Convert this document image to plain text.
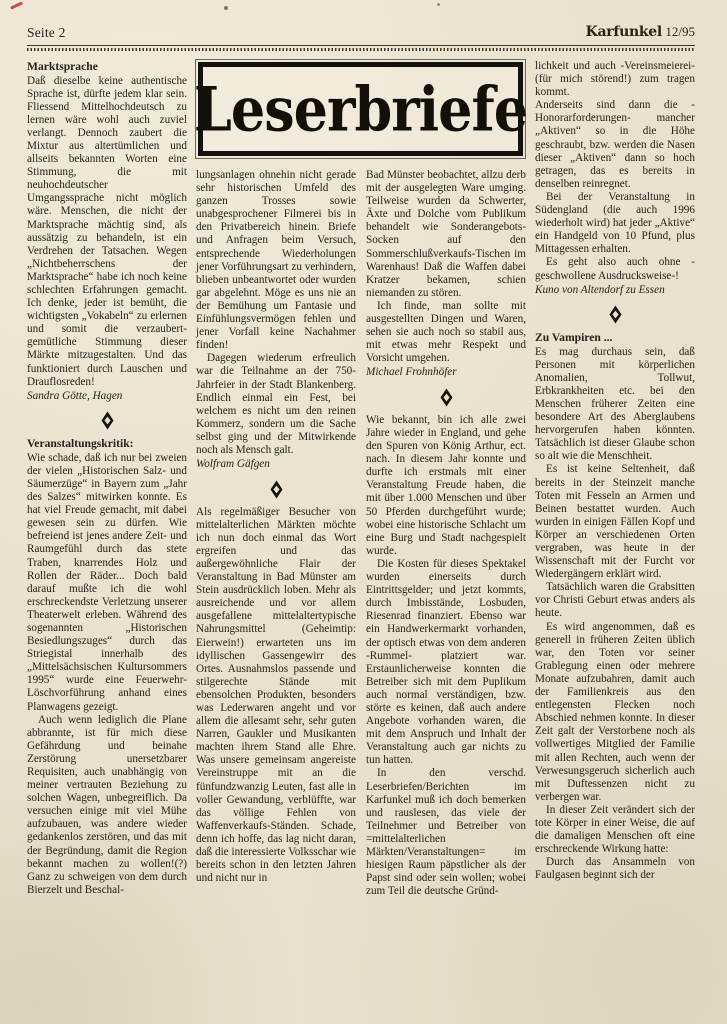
Seite 2	Karfunkel 12/95
Marktsprache

Daß dieselbe keine authentische Sprache ist, dürfte jedem klar sein. Fliessend Mittelhochdeutsch zu lernen wäre wohl auch zuviel verlangt. Dennoch zaubert die Mixtur aus altertümlichen und allseits bekannten Worten eine Stimmung, die mit neuhochdeutscher Umgangssprache nicht möglich wäre. Menschen, die nicht der Marktsprache mächtig sind, als aussätzig zu behandeln, ist ein Verdrehen der Tatsachen. Wegen „Nichtbeherrschens der Marktsprache“ habe ich noch keine schlechten Erfahrungen gemacht. Ich denke, jeder ist bemüht, die wichtigsten „Vokabeln“ zu erlernen und somit die verzaubert-gemütliche Stimmung dieser Märkte mitzugestalten. Und das funktioniert durch Lauschen und Drauflosreden!

Sandra Götte, Hagen

Veranstaltungskritik:

Wie schade, daß ich nur bei zweien der vielen „Historischen Salz- und Säumerzüge“ in Bayern zum „Jahr des Salzes“ mitwirken konnte. Es hat viel Freude gemacht, mit dabei gewesen sein zu dürfen. Wie befreiend ist jenes andere Zeit- und Raumgefühl durch das stete Traben, knarrendes Holz und Rollen der Räder... Doch bald darauf mußte ich die wohl erschreckendste Verletzung unserer Theaterwelt erleben. Während des sogenannten „Historischen Besiedlungszuges“ durch das Striegistal innerhalb des „Mittelsächsischen Kultursommers 1995“ wurde eine Feuerwehr-Löschvorführung anhand eines Planwagens gezeigt.

Auch wenn lediglich die Plane abbrannte, ist für mich diese Gefährdung und beinahe Zerstörung unersetzbarer Requisiten, auch unabhängig von meiner vertrauten Beziehung zu solchen Wagen, unbegreiflich. Da versuchen einige mit viel Mühe aufzubauen, was andere wieder gedankenlos zerstören, und das mit der Begründung, damit die Region bekannt machen zu wollen!(?) Ganz zu schweigen von dem durch Bierzelt und Beschal-

Leserbriefe

lungsanlagen ohnehin nicht gerade sehr historischen Umfeld des ganzen Trosses sowie unabgesprochener Filmerei bis in den Privatbereich hinein. Briefe und Anfragen beim Versuch, entsprechende Wiederholungen jener Vorführungsart zu verhindern, blieben unbeantwortet oder wurden gar abgelehnt. Möge es uns nie an der Bemühung um Fantasie und Einfühlungsvermögen fehlen und jener Vorfall keine Nachahmer finden!

Dagegen wiederum erfreulich war die Teilnahme an der 750-Jahrfeier in der Stadt Blankenberg. Endlich einmal ein Fest, bei welchem es nicht um den reinen Kommerz, sondern um die Sache selbst ging und der Mitwirkende noch als Mensch galt.

Wolfram Gäfgen

Als regelmäßiger Besucher von mittelalterlichen Märkten möchte ich nun doch einmal das Wort ergreifen und das außergewöhnliche Flair der Veranstaltung in Bad Münster am Stein ausdrücklich loben. Mehr als ausreichende und vor allem ausgefallene mittelaltertypische Nahrungsmittel (Geheimtip: Eierwein!) erwarteten uns im idyllischen Gassengewirr des Ortes. Ausnahmslos passende und stilgerechte Stände mit ebensolchen Produkten, besonders was Lederwaren angeht und vor allem die allesamt sehr, sehr guten Narren, Gaukler und Musikanten machten ihrem Stand alle Ehre. Was unsere gemeinsam angereiste Vereinstruppe mit an die fünfundzwanzig Leuten, fast alle in voller Gewandung, verblüffte, war das völlige Fehlen von Waffenverkaufs-Ständen. Schade, denn ich hoffe, das lag nicht daran, daß die interessierte Volksschar wie bereits schon in den letzten Jahren und nicht nur in

Bad Münster beobachtet, allzu derb mit der ausgelegten Ware umging. Teilweise wurden da Schwerter, Äxte und Dolche vom Publikum behandelt wie Sonderangebots-Socken auf den Sommerschlußverkaufs-Tischen im Warenhaus! Daß die Waffen dabei Kratzer bekamen, schien niemanden zu stören.

Ich finde, man sollte mit ausgestellten Dingen und Waren, sehen sie auch noch so stabil aus, mit etwas mehr Respekt und Vorsicht umgehen.

Michael Frohnhöfer

Wie bekannt, bin ich alle zwei Jahre wieder in England, und gehe den Spuren von König Arthur, ect. nach. In diesem Jahr konnte und durfte ich erstmals mit einer Veranstaltung Freude haben, die mit über 1.000 Menschen und über 50 Pferden durchgeführt wurde; wobei eine historische Schlacht um eine Burg und Stadt nachgespielt wurde.

Die Kosten für dieses Spektakel wurden einerseits durch Eintrittsgelder; und jetzt kommts, durch Imbisstände, Losbuden, Riesenrad finanziert. Ebenso war ein Handwerkermarkt vorhanden, der optisch etwas von dem anderen -Rummel- platziert war. Erstaunlicherweise konnten die Betreiber sich mit dem Puplikum auch normal verständigen, bzw. störte es keinen, daß auch andere Angebote vorhanden waren, die mit dem Anspruch und Inhalt der Veranstaltung auch gar nichts zu tun hatten.

In den verschd. Leserbriefen/Berichten im Karfunkel muß ich doch bemerken und rauslesen, das viele der Teilnehmer und Betreiber von =mittelalterlichen Märkten/Veranstaltungen= im hiesigen Raum päpstlicher als der Papst sind oder sein wollen; wobei zum Teil die deutsche Gründ-

lichkeit und auch -Vereinsmeierei- (für mich störend!) zum tragen kommt.

Anderseits sind dann die -Honorarforderungen- mancher „Aktiven“ so in die Höhe geschraubt, bzw. werden die Nasen dieser „Aktiven“ dann so hoch getragen, das es bereits in denselben reinregnet.

Bei der Veranstaltung in Südengland (die auch 1996 wiederholt wird) hat jeder „Aktive“ ein Handgeld von 10 Pfund, plus Mittagessen erhalten.

Es geht also auch ohne -geschwollene Ausdrucksweise-!

Kuno von Altendorf zu Essen

Zu Vampiren ...

Es mag durchaus sein, daß Personen mit körperlichen Anomalien, Tollwut, Erbkrankheiten etc. bei den Menschen früherer Zeiten eine besondere Art des Aberglaubens hervorgerufen haben könnten. Tatsächlich ist dieser Glaube schon so alt wie die Menschheit.

Es ist keine Seltenheit, daß bereits in der Steinzeit manche Toten mit Fesseln an Armen und Beinen bestattet wurden. Auch wurden in einigen Fällen Kopf und Körper an verschiedenen Orten vergraben, was heute in der Wissenschaft mit der Furcht vor Wiedergängern erklärt wird.

Tatsächlich waren die Grabsitten vor Christi Geburt etwas anders als heute.

Es wird angenommen, daß es generell in früheren Zeiten üblich war, den Toten vor seiner Grablegung einen oder mehrere Monate aufzubahren, damit auch der Familienkreis aus den entlegensten Flecken noch Abschied nehmen konnte. In dieser Zeit galt der Verstorbene noch als vollwertiges Mitglied der Familie mit allen Rechten, auch wenn der Verwesungsgeruch sicherlich auch mit Duftessenzen nicht zu verbergen war.

In dieser Zeit verändert sich der tote Körper in einer Weise, die auf die damaligen Menschen oft eine erschreckende Wirkung hatte:

Durch das Ansammeln von Faulgasen beginnt sich der
